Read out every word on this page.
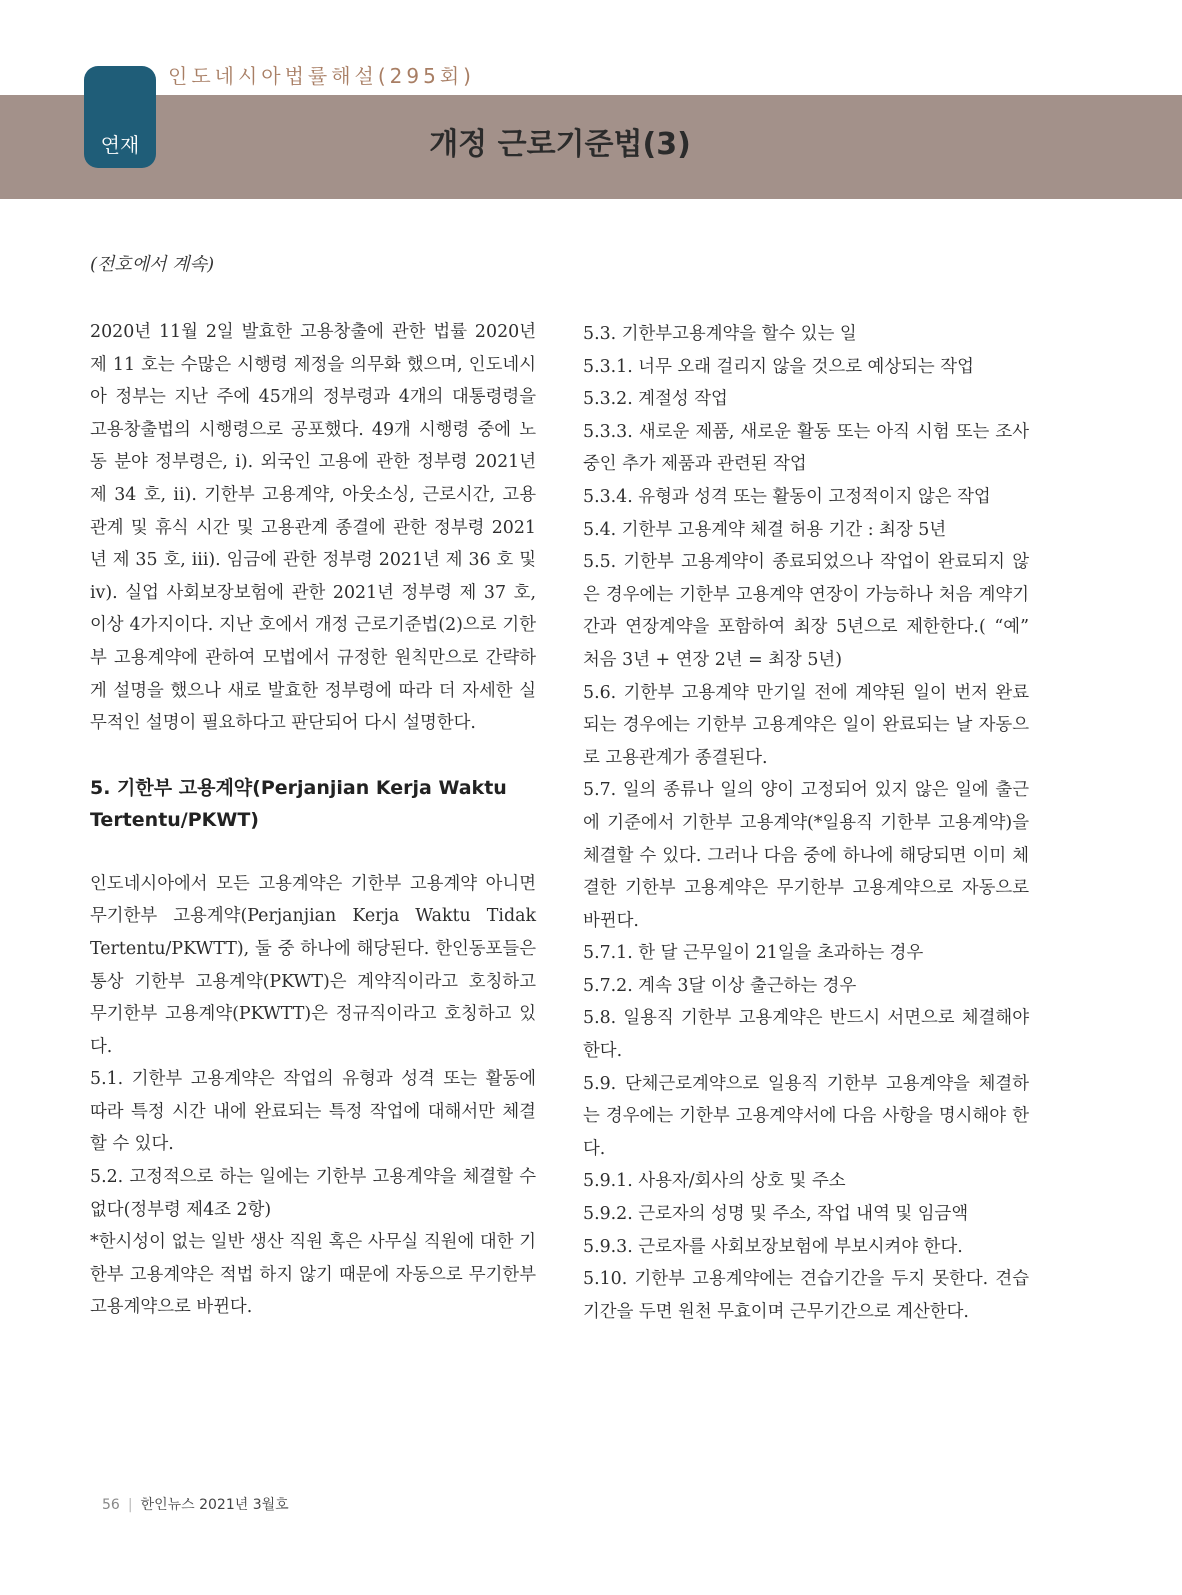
인도네시아법률해설(295회)
연재	개정 근로기준법(3)
(전호에서 계속)

2020년 11월 2일 발효한 고용창출에 관한 법률 2020년 제 11 호는 수많은 시행령 제정을 의무화 했으며, 인도네시아 정부는 지난 주에 45개의 정부령과 4개의 대통령령을 고용창출법의 시행령으로 공포했다. 49개 시행령 중에 노동 분야 정부령은, i). 외국인 고용에 관한 정부령 2021년 제 34 호, ii). 기한부 고용계약, 아웃소싱, 근로시간, 고용관계 및 휴식 시간 및 고용관계 종결에 관한 정부령 2021년 제 35 호, iii). 임금에 관한 정부령 2021년 제 36 호 및 iv). 실업 사회보장보험에 관한 2021년 정부령 제 37 호, 이상 4가지이다. 지난 호에서 개정 근로기준법(2)으로 기한부 고용계약에 관하여 모법에서 규정한 원칙만으로 간략하게 설명을 했으나 새로 발효한 정부령에 따라 더 자세한 실무적인 설명이 필요하다고 판단되어 다시 설명한다.

5. 기한부 고용계약(Perjanjian Kerja Waktu Tertentu/PKWT)

인도네시아에서 모든 고용계약은 기한부 고용계약 아니면 무기한부 고용계약(Perjanjian Kerja Waktu Tidak Tertentu/PKWTT), 둘 중 하나에 해당된다. 한인동포들은 통상 기한부 고용계약(PKWT)은 계약직이라고 호칭하고 무기한부 고용계약(PKWTT)은 정규직이라고 호칭하고 있다.

5.1. 기한부 고용계약은 작업의 유형과 성격 또는 활동에 따라 특정 시간 내에 완료되는 특정 작업에 대해서만 체결할 수 있다.

5.2. 고정적으로 하는 일에는 기한부 고용계약을 체결할 수 없다(정부령 제4조 2항)

*한시성이 없는 일반 생산 직원 혹은 사무실 직원에 대한 기한부 고용계약은 적법 하지 않기 때문에 자동으로 무기한부 고용계약으로 바뀐다.

5.3. 기한부고용계약을 할수 있는 일

5.3.1. 너무 오래 걸리지 않을 것으로 예상되는 작업

5.3.2. 계절성 작업

5.3.3. 새로운 제품, 새로운 활동 또는 아직 시험 또는 조사중인 추가 제품과 관련된 작업

5.3.4. 유형과 성격 또는 활동이 고정적이지 않은 작업

5.4. 기한부 고용계약 체결 허용 기간 : 최장 5년

5.5. 기한부 고용계약이 종료되었으나 작업이 완료되지 않은 경우에는 기한부 고용계약 연장이 가능하나 처음 계약기간과 연장계약을 포함하여 최장 5년으로 제한한다.( “예” 처음 3년 + 연장 2년 = 최장 5년)

5.6. 기한부 고용계약 만기일 전에 계약된 일이 번저 완료되는 경우에는 기한부 고용계약은 일이 완료되는 날 자동으로 고용관계가 종결된다.

5.7. 일의 종류나 일의 양이 고정되어 있지 않은 일에 출근에 기준에서 기한부 고용계약(*일용직 기한부 고용계약)을 체결할 수 있다. 그러나 다음 중에 하나에 해당되면 이미 체결한 기한부 고용계약은 무기한부 고용계약으로 자동으로 바뀐다.

5.7.1. 한 달 근무일이 21일을 초과하는 경우

5.7.2. 계속 3달 이상 출근하는 경우

5.8. 일용직 기한부 고용계약은 반드시 서면으로 체결해야 한다.

5.9. 단체근로계약으로 일용직 기한부 고용계약을 체결하는 경우에는 기한부 고용계약서에 다음 사항을 명시해야 한다.

5.9.1. 사용자/회사의 상호 및 주소

5.9.2. 근로자의 성명 및 주소, 작업 내역 및 임금액

5.9.3. 근로자를 사회보장보험에 부보시켜야 한다.

5.10. 기한부 고용계약에는 견습기간을 두지 못한다. 견습기간을 두면 원천 무효이며 근무기간으로 계산한다.

56 | 한인뉴스 2021년 3월호
